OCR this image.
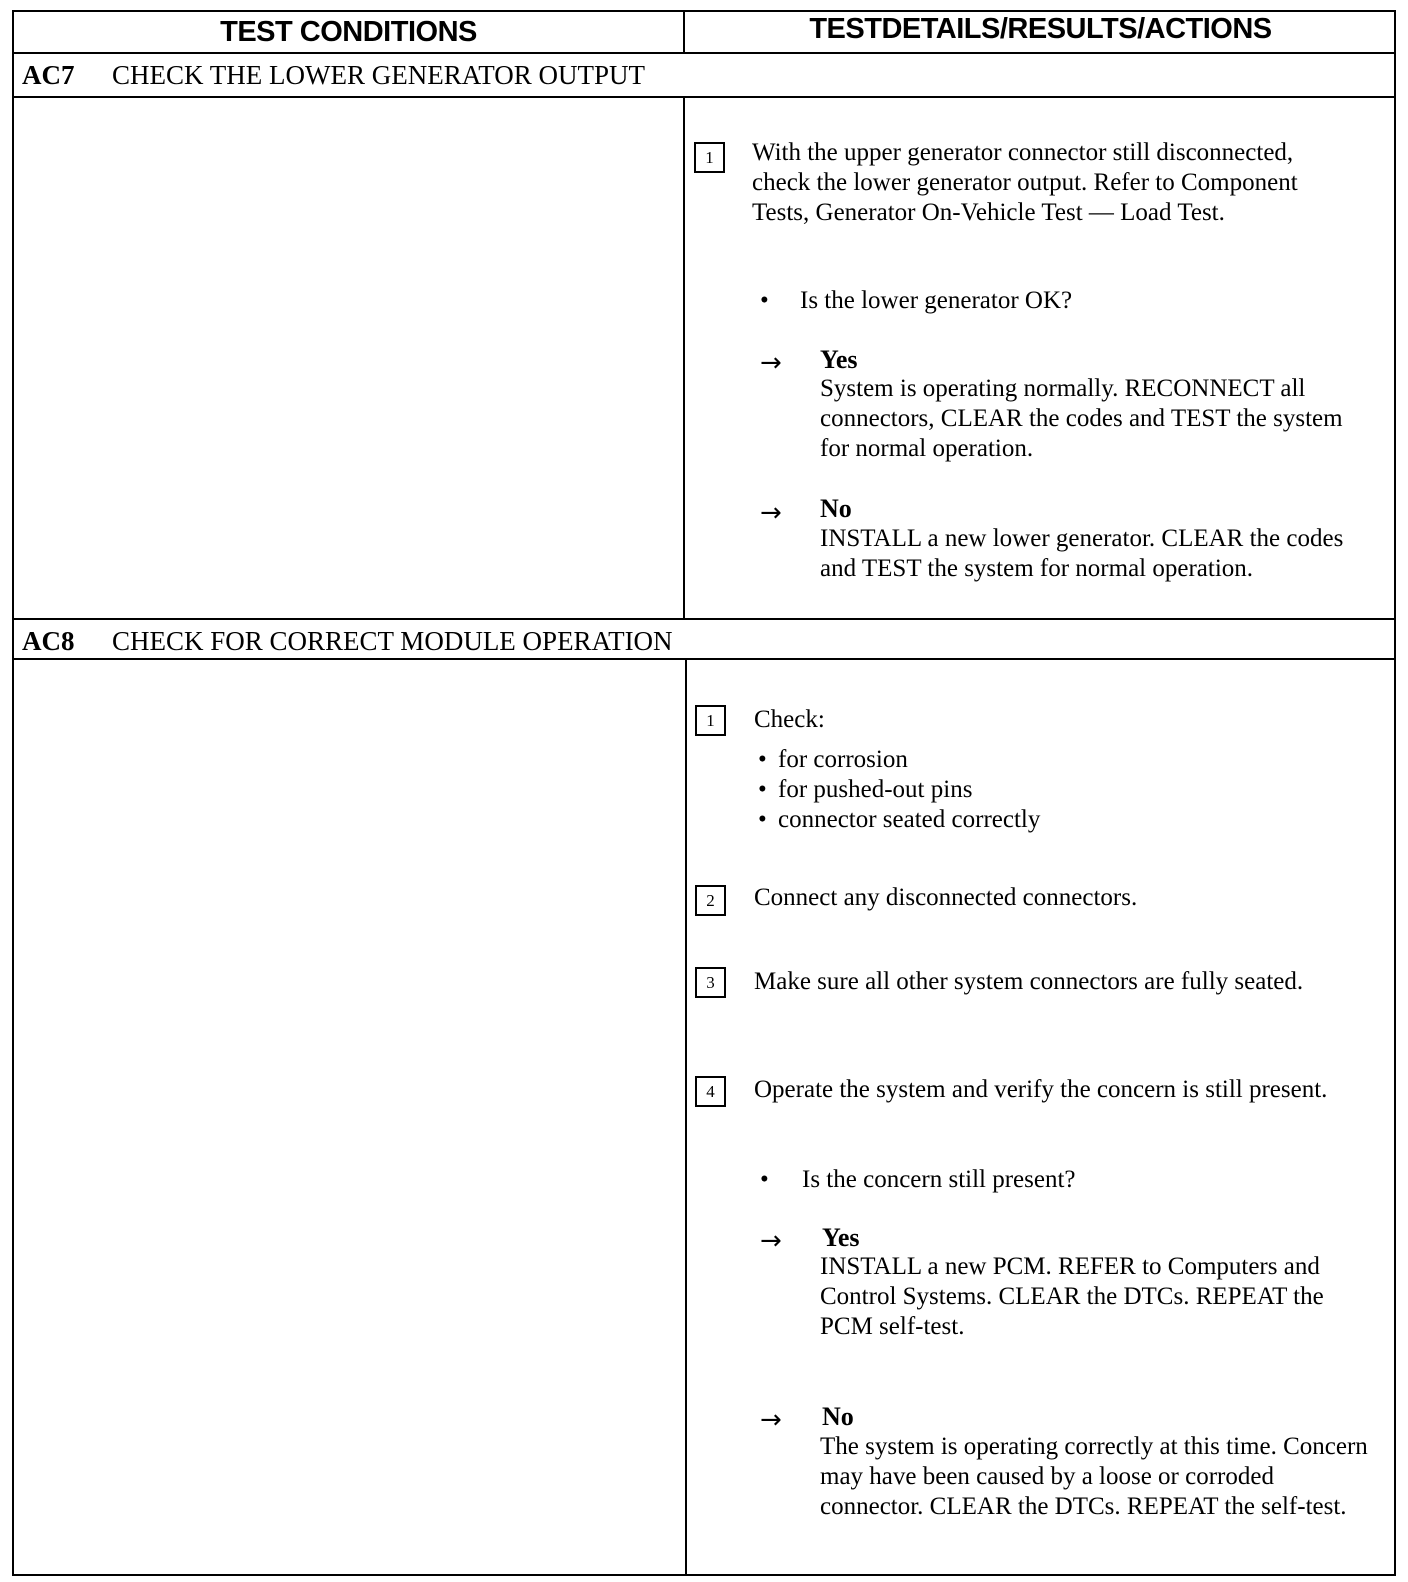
TEST CONDITIONS	TESTDETAILS/RESULTS/ACTIONS
AC7 CHECK THE LOWER GENERATOR OUTPUT
1	With the upper generator connector still disconnected, check the lower generator output. Refer to Component Tests, Generator On-Vehicle Test — Load Test.
• Is the lower generator OK?
→ Yes
System is operating normally. RECONNECT all connectors, CLEAR the codes and TEST the system for normal operation.
→ No
INSTALL a new lower generator. CLEAR the codes and TEST the system for normal operation.
AC8 CHECK FOR CORRECT MODULE OPERATION
1	Check:
• for corrosion
• for pushed-out pins
• connector seated correctly
2	Connect any disconnected connectors.
3	Make sure all other system connectors are fully seated.
4	Operate the system and verify the concern is still present.
• Is the concern still present?
→ Yes
INSTALL a new PCM. REFER to Computers and Control Systems. CLEAR the DTCs. REPEAT the PCM self-test.
→ No
The system is operating correctly at this time. Concern may have been caused by a loose or corroded connector. CLEAR the DTCs. REPEAT the self-test.
